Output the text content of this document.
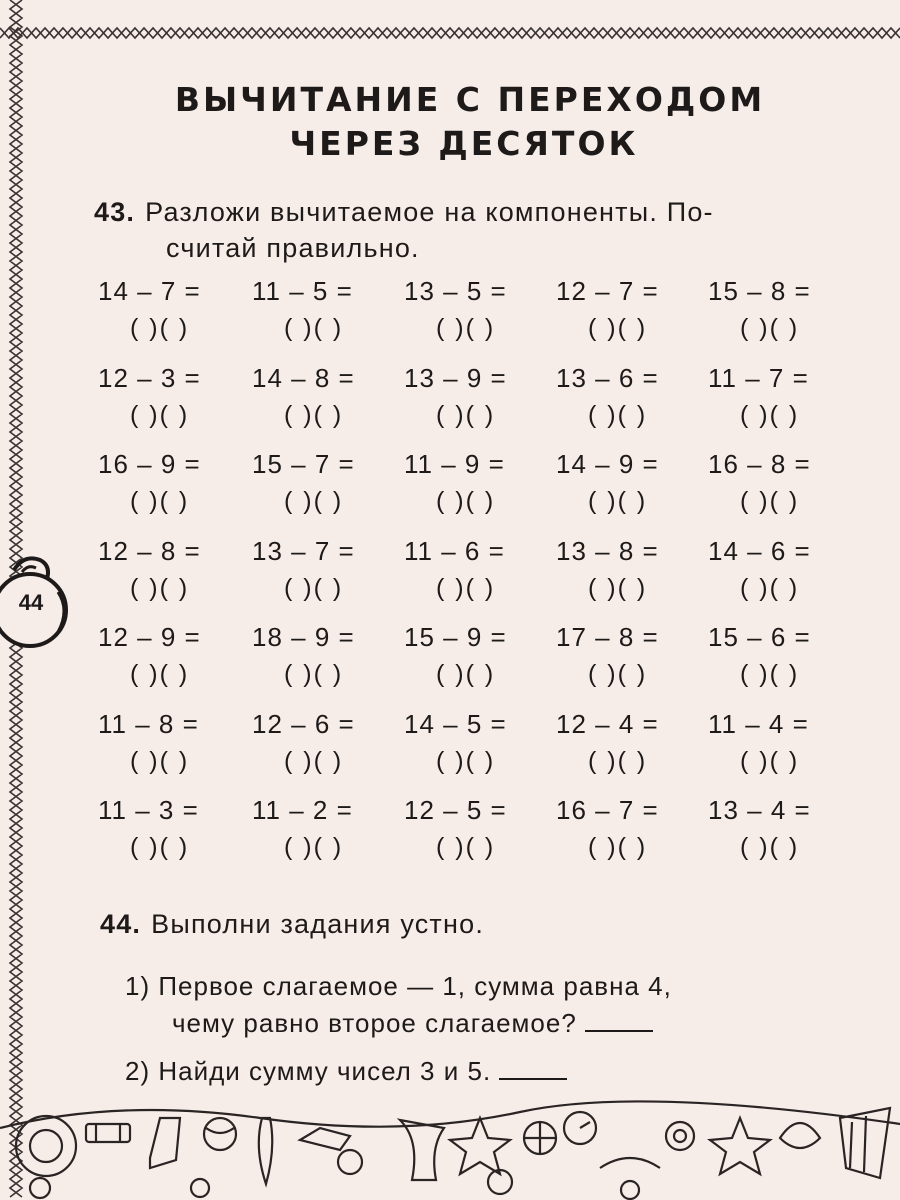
ВЫЧИТАНИЕ С ПЕРЕХОДОМ
ЧЕРЕЗ ДЕСЯТОК
43. Разложи вычитаемое на компоненты. По-
считай правильно.
14 – 7 =
( )( )
11 – 5 =
( )( )
13 – 5 =
( )( )
12 – 7 =
( )( )
15 – 8 =
( )( )
12 – 3 =
( )( )
14 – 8 =
( )( )
13 – 9 =
( )( )
13 – 6 =
( )( )
11 – 7 =
( )( )
16 – 9 =
( )( )
15 – 7 =
( )( )
11 – 9 =
( )( )
14 – 9 =
( )( )
16 – 8 =
( )( )
12 – 8 =
( )( )
13 – 7 =
( )( )
11 – 6 =
( )( )
13 – 8 =
( )( )
14 – 6 =
( )( )
12 – 9 =
( )( )
18 – 9 =
( )( )
15 – 9 =
( )( )
17 – 8 =
( )( )
15 – 6 =
( )( )
11 – 8 =
( )( )
12 – 6 =
( )( )
14 – 5 =
( )( )
12 – 4 =
( )( )
11 – 4 =
( )( )
11 – 3 =
( )( )
11 – 2 =
( )( )
12 – 5 =
( )( )
16 – 7 =
( )( )
13 – 4 =
( )( )
44
44. Выполни задания устно.
1) Первое слагаемое — 1, сумма равна 4,
чему равно второе слагаемое?
2) Найди сумму чисел 3 и 5.
